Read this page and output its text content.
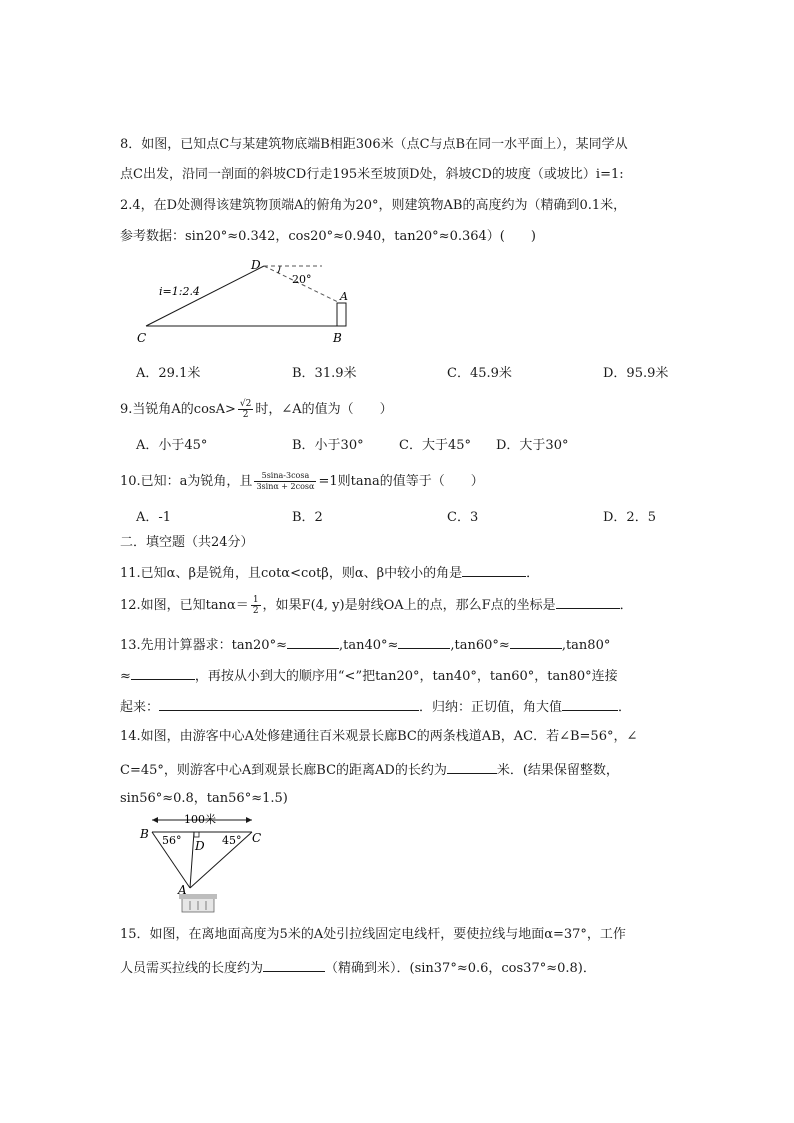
8．如图，已知点C与某建筑物底端B相距306米（点C与点B在同一水平面上），某同学从
点C出发，沿同一剖面的斜坡CD行走195米至坡顶D处，斜坡CD的坡度（或坡比）i=1:
2.4，在D处测得该建筑物顶端A的俯角为20°，则建筑物AB的高度约为（精确到0.1米，
参考数据：sin20°≈0.342，cos20°≈0.940，tan20°≈0.364）(　　)
D
20°
i=1:2.4	A
C	B
A．29.1米	B．31.9米	C．45.9米	D．95.9米
9.当锐角A的$\cos A> \frac{√2}{2}$ 时，∠A的值为（　　）
A．小于45°	B．小于30°	C．大于45° D．大于30°
10.已知：a为锐角，且 $\frac{5\sin a-3\cos a}{3\sin\alpha + 2\cos\alpha} =1$则tana的值等于（　　）
A．-1	B．2	C．3	D．2．5
二．填空题（共24分）
11.已知α、β是锐角，且cotα<cotβ，则α、β中较小的角是	．
12.如图，已知$\tan\alpha= \frac{1}{2}$ ，如果F(4, y)是射线OA上的点，那么F点的坐标是	．
13.先用计算器求：tan20°≈	,tan40°≈	,tan60°≈	,tan80°
≈	，再按从小到大的顺序用“<”把tan20°，tan40°，tan60°，tan80°连接
起来：	．归纳：正切值，角大值	．
14.如图，由游客中心A处修建通往百米观景长廊BC的两条栈道AB，AC．若∠B=56°，∠
C=45°，则游客中心A到观景长廊BC的距离AD的长约为	米．(结果保留整数，
sin56°≈0.8，tan56°≈1.5)
100米
B	C
D
A
56°	45°
15．如图，在离地面高度为5米的A处引拉线固定电线杆，要使拉线与地面α=37°，工作
人员需买拉线的长度约为	（精确到米）．(sin37°≈0.6，cos37°≈0.8)．
